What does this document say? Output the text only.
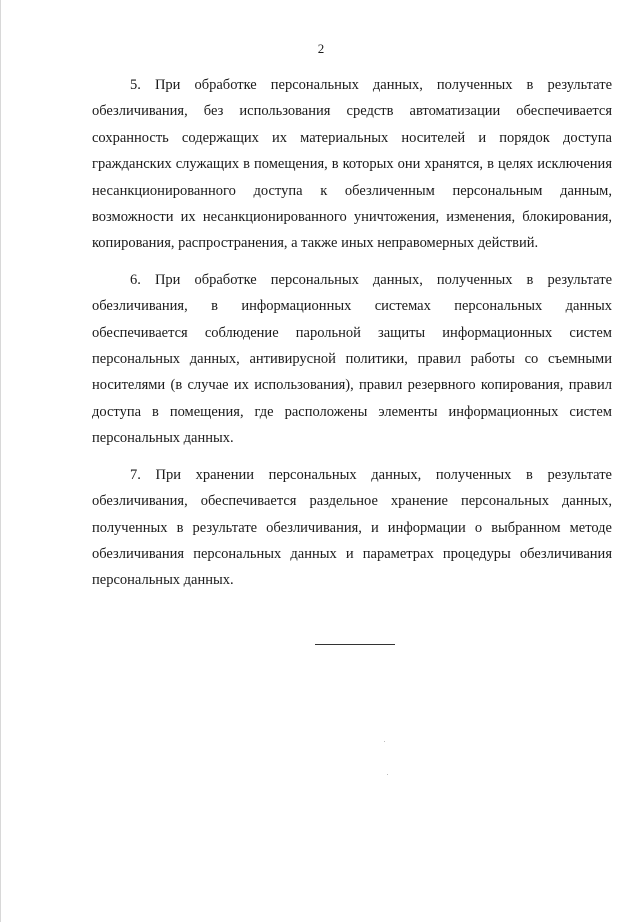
2

5. При обработке персональных данных, полученных в результате обезличивания, без использования средств автоматизации обеспечивается сохранность содержащих их материальных носителей и порядок доступа гражданских служащих в помещения, в которых они хранятся, в целях исключения несанкционированного доступа к обезличенным персональным данным, возможности их несанкционированного уничтожения, изменения, блокирования, копирования, распространения, а также иных неправомерных действий.

6. При обработке персональных данных, полученных в результате обезличивания, в информационных системах персональных данных обеспечивается соблюдение парольной защиты информационных систем персональных данных, антивирусной политики, правил работы со съемными носителями (в случае их использования), правил резервного копирования, правил доступа в помещения, где расположены элементы информационных систем персональных данных.

7. При хранении персональных данных, полученных в результате обезличивания, обеспечивается раздельное хранение персональных данных, полученных в результате обезличивания, и информации о выбранном методе обезличивания персональных данных и параметрах процедуры обезличивания персональных данных.
